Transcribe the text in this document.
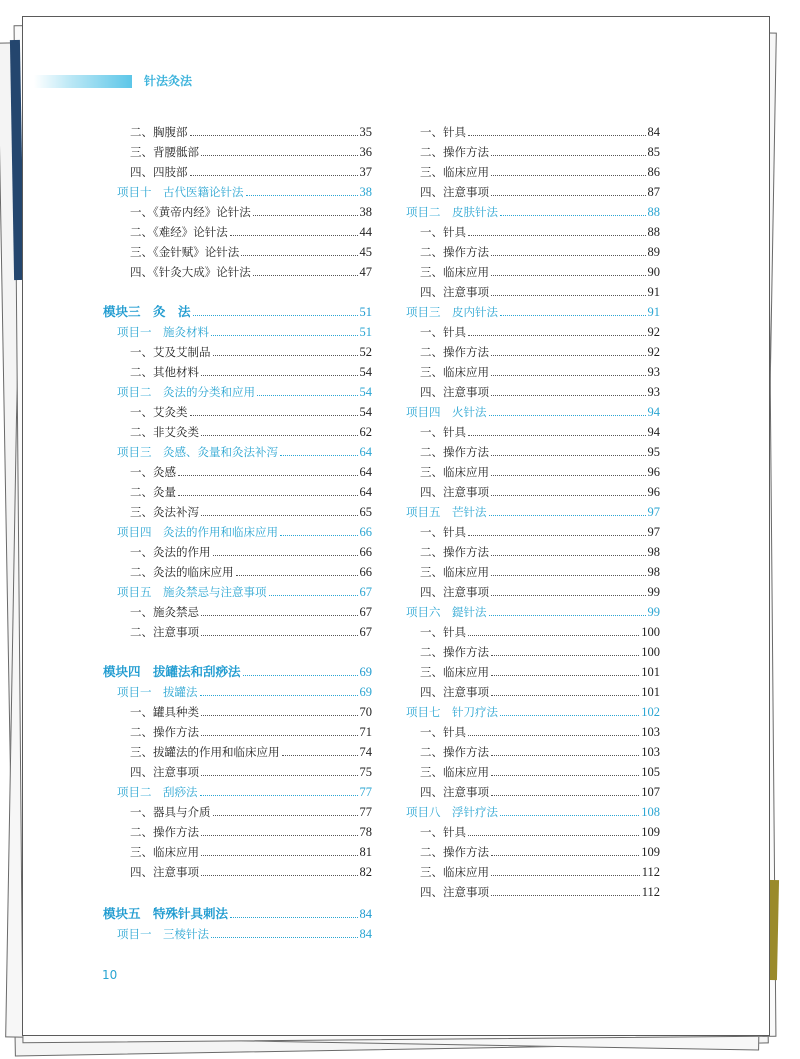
针法灸法
二、胸腹部	35
三、背腰骶部	36
四、四肢部	37
项目十　古代医籍论针法	38
一、《黄帝内经》论针法	38
二、《难经》论针法	44
三、《金针赋》论针法	45
四、《针灸大成》论针法	47
模块三　灸　法	51
项目一　施灸材料	51
一、艾及艾制品	52
二、其他材料	54
项目二　灸法的分类和应用	54
一、艾灸类	54
二、非艾灸类	62
项目三　灸感、灸量和灸法补泻	64
一、灸感	64
二、灸量	64
三、灸法补泻	65
项目四　灸法的作用和临床应用	66
一、灸法的作用	66
二、灸法的临床应用	66
项目五　施灸禁忌与注意事项	67
一、施灸禁忌	67
二、注意事项	67
模块四　拔罐法和刮痧法	69
项目一　拔罐法	69
一、罐具种类	70
二、操作方法	71
三、拔罐法的作用和临床应用	74
四、注意事项	75
项目二　刮痧法	77
一、器具与介质	77
二、操作方法	78
三、临床应用	81
四、注意事项	82
模块五　特殊针具刺法	84
项目一　三棱针法	84
一、针具	84
二、操作方法	85
三、临床应用	86
四、注意事项	87
项目二　皮肤针法	88
一、针具	88
二、操作方法	89
三、临床应用	90
四、注意事项	91
项目三　皮内针法	91
一、针具	92
二、操作方法	92
三、临床应用	93
四、注意事项	93
项目四　火针法	94
一、针具	94
二、操作方法	95
三、临床应用	96
四、注意事项	96
项目五　芒针法	97
一、针具	97
二、操作方法	98
三、临床应用	98
四、注意事项	99
项目六　鍉针法	99
一、针具	100
二、操作方法	100
三、临床应用	101
四、注意事项	101
项目七　针刀疗法	102
一、针具	103
二、操作方法	103
三、临床应用	105
四、注意事项	107
项目八　浮针疗法	108
一、针具	109
二、操作方法	109
三、临床应用	112
四、注意事项	112
10
